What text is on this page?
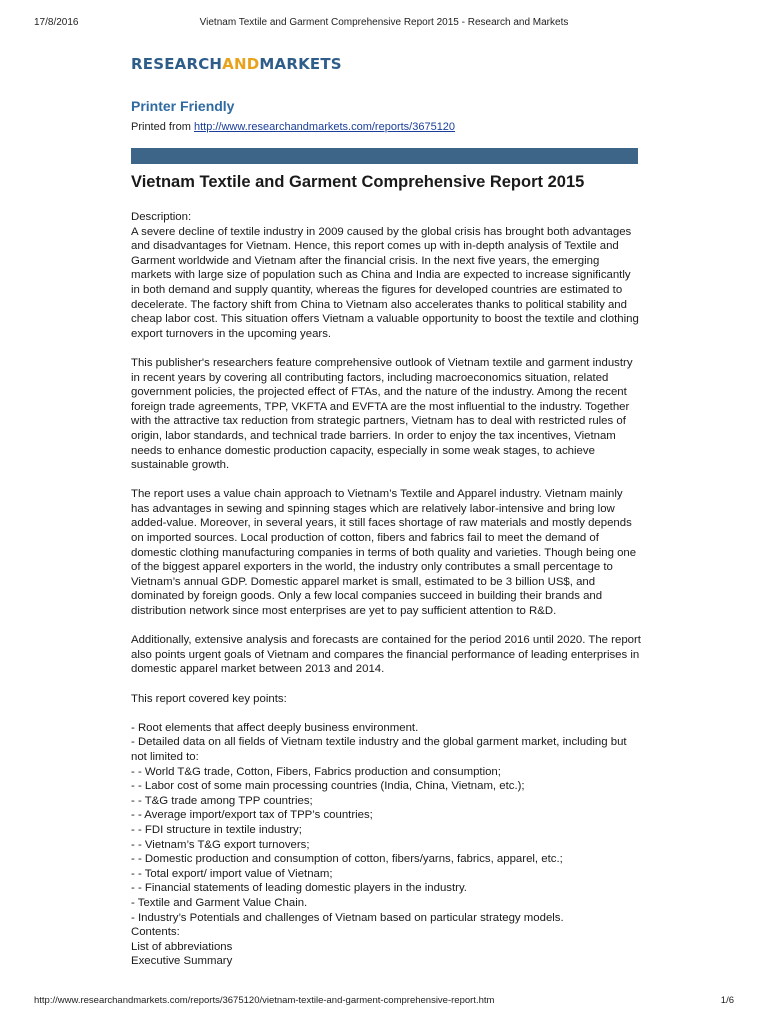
17/8/2016	Vietnam Textile and Garment Comprehensive Report 2015 - Research and Markets
RESEARCHANDMARKETS
Printer Friendly
Printed from http://www.researchandmarkets.com/reports/3675120
Vietnam Textile and Garment Comprehensive Report 2015
Description:

A severe decline of textile industry in 2009 caused by the global crisis has brought both advantages and disadvantages for Vietnam. Hence, this report comes up with in-depth analysis of Textile and Garment worldwide and Vietnam after the financial crisis. In the next five years, the emerging markets with large size of population such as China and India are expected to increase significantly in both demand and supply quantity, whereas the figures for developed countries are estimated to decelerate. The factory shift from China to Vietnam also accelerates thanks to political stability and cheap labor cost. This situation offers Vietnam a valuable opportunity to boost the textile and clothing export turnovers in the upcoming years.

This publisher's researchers feature comprehensive outlook of Vietnam textile and garment industry in recent years by covering all contributing factors, including macroeconomics situation, related government policies, the projected effect of FTAs, and the nature of the industry. Among the recent foreign trade agreements, TPP, VKFTA and EVFTA are the most influential to the industry. Together with the attractive tax reduction from strategic partners, Vietnam has to deal with restricted rules of origin, labor standards, and technical trade barriers. In order to enjoy the tax incentives, Vietnam needs to enhance domestic production capacity, especially in some weak stages, to achieve sustainable growth.

The report uses a value chain approach to Vietnam’s Textile and Apparel industry. Vietnam mainly has advantages in sewing and spinning stages which are relatively labor-intensive and bring low added-value. Moreover, in several years, it still faces shortage of raw materials and mostly depends on imported sources. Local production of cotton, fibers and fabrics fail to meet the demand of domestic clothing manufacturing companies in terms of both quality and varieties. Though being one of the biggest apparel exporters in the world, the industry only contributes a small percentage to Vietnam’s annual GDP. Domestic apparel market is small, estimated to be 3 billion US$, and dominated by foreign goods. Only a few local companies succeed in building their brands and distribution network since most enterprises are yet to pay sufficient attention to R&D.

Additionally, extensive analysis and forecasts are contained for the period 2016 until 2020. The report also points urgent goals of Vietnam and compares the financial performance of leading enterprises in domestic apparel market between 2013 and 2014.

This report covered key points:

- Root elements that affect deeply business environment.
- Detailed data on all fields of Vietnam textile industry and the global garment market, including but not limited to:
- - World T&G trade, Cotton, Fibers, Fabrics production and consumption;
- - Labor cost of some main processing countries (India, China, Vietnam, etc.);
- - T&G trade among TPP countries;
- - Average import/export tax of TPP’s countries;
- - FDI structure in textile industry;
- - Vietnam’s T&G export turnovers;
- - Domestic production and consumption of cotton, fibers/yarns, fabrics, apparel, etc.;
- - Total export/ import value of Vietnam;
- - Financial statements of leading domestic players in the industry.
- Textile and Garment Value Chain.
- Industry’s Potentials and challenges of Vietnam based on particular strategy models.
Contents:
List of abbreviations
Executive Summary
http://www.researchandmarkets.com/reports/3675120/vietnam-textile-and-garment-comprehensive-report.htm	1/6
